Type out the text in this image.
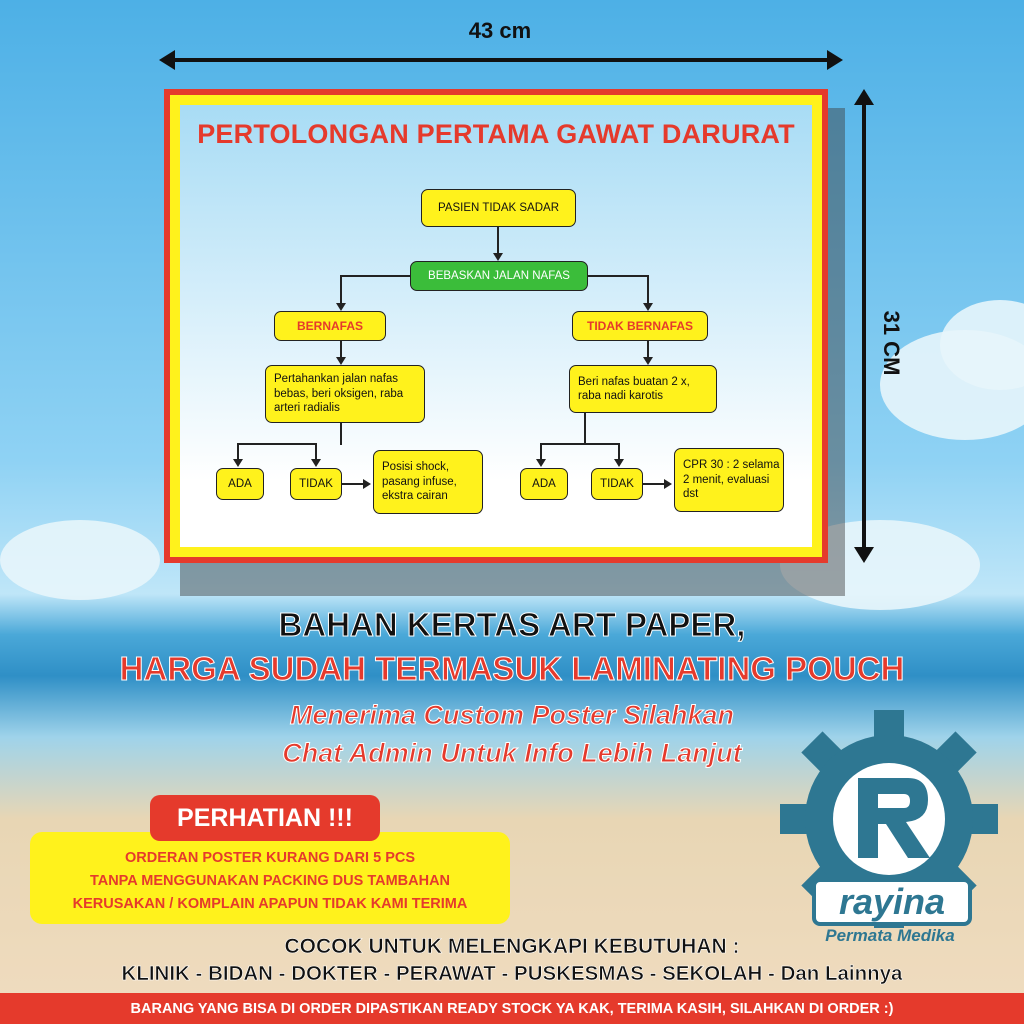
43 cm
31 CM
PERTOLONGAN PERTAMA GAWAT DARURAT
PASIEN TIDAK SADAR
BEBASKAN JALAN NAFAS
BERNAFAS	TIDAK BERNAFAS
Pertahankan jalan nafas bebas, beri oksigen, raba arteri radialis
Beri nafas buatan 2 x, raba nadi karotis
ADA	TIDAK
Posisi shock, pasang infuse, ekstra cairan
ADA	TIDAK
CPR 30 : 2 selama 2 menit, evaluasi dst
BAHAN KERTAS ART PAPER,
HARGA SUDAH TERMASUK LAMINATING POUCH
Menerima Custom Poster Silahkan
Chat Admin Untuk Info Lebih Lanjut
PERHATIAN !!!
ORDERAN POSTER KURANG DARI 5 PCS
TANPA MENGGUNAKAN PACKING DUS TAMBAHAN
KERUSAKAN / KOMPLAIN APAPUN TIDAK KAMI TERIMA	rayina
Permata Medika
COCOK UNTUK MELENGKAPI KEBUTUHAN :
KLINIK - BIDAN - DOKTER - PERAWAT - PUSKESMAS - SEKOLAH - Dan Lainnya
BARANG YANG BISA DI ORDER DIPASTIKAN READY STOCK YA KAK, TERIMA KASIH, SILAHKAN DI ORDER :)
